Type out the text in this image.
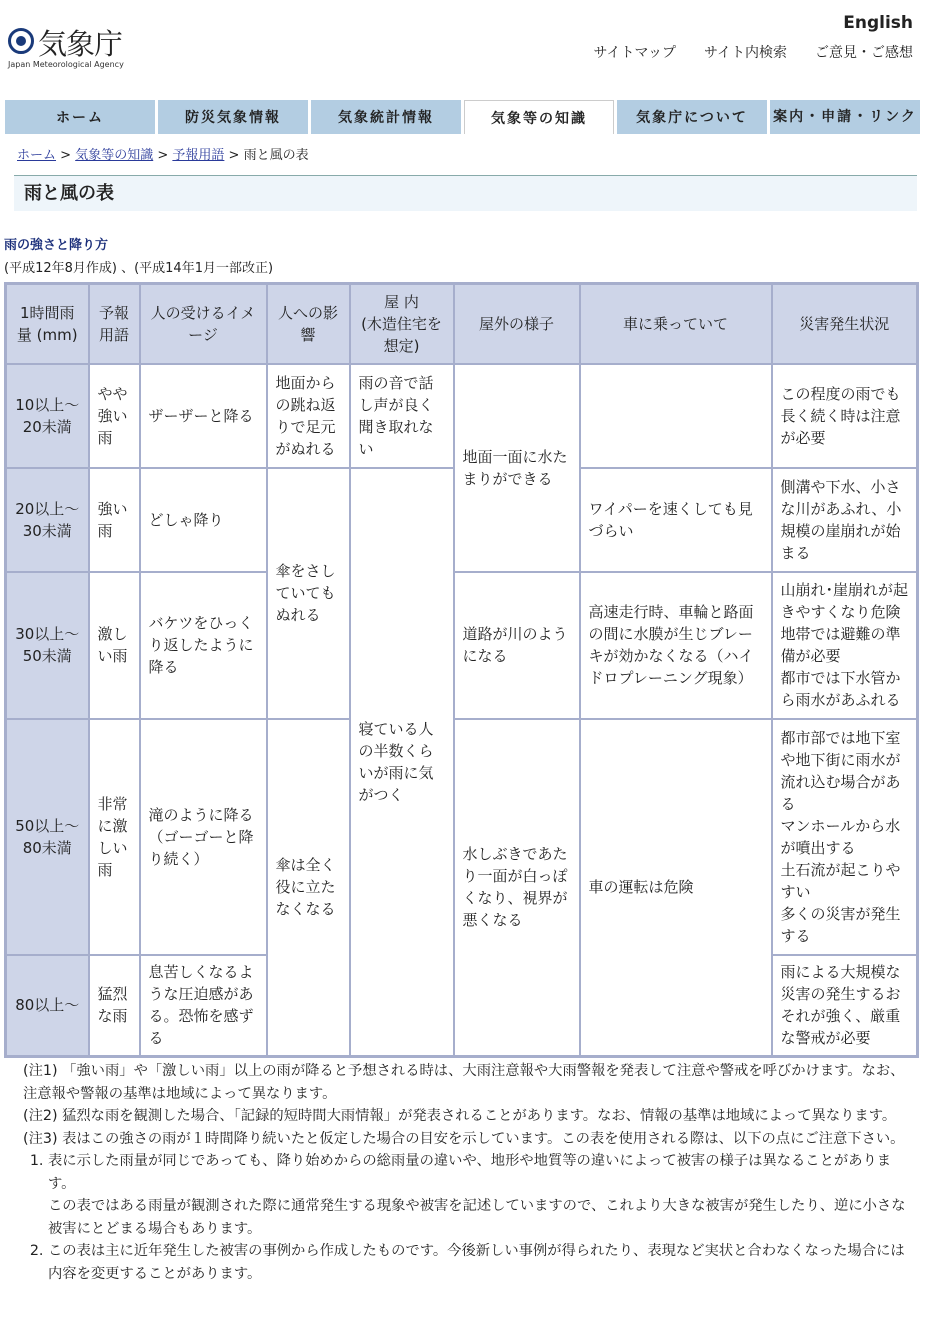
気象庁
Japan Meteorological Agency
English
サイトマップ サイト内検索 ご意見・ご感想
ホーム	防災気象情報	気象統計情報	気象等の知識	気象庁について	案内・申請・リンク
ホーム > 気象等の知識 > 予報用語 > 雨と風の表
雨と風の表
雨の強さと降り方
(平成12年8月作成) 、(平成14年1月一部改正)
1時間雨量 (mm)	予報用語	人の受けるイメージ	人への影響	屋 内
(木造住宅を想定)	屋外の様子	車に乗っていて	災害発生状況
10以上〜20未満	やや強い雨	ザーザーと降る	地面からの跳ね返りで足元がぬれる	雨の音で話し声が良く聞き取れない	地面一面に水たまりができる		この程度の雨でも長く続く時は注意が必要
20以上〜30未満	強い雨	どしゃ降り	傘をさしていてもぬれる	寝ている人の半数くらいが雨に気がつく		ワイパーを速くしても見づらい	側溝や下水、小さな川があふれ、小規模の崖崩れが始まる
30以上〜50未満	激しい雨	バケツをひっくり返したように降る			道路が川のようになる	高速走行時、車輪と路面の間に水膜が生じブレーキが効かなくなる（ハイドロプレーニング現象）	山崩れ･崖崩れが起きやすくなり危険地帯では避難の準備が必要
都市では下水管から雨水があふれる
50以上〜80未満	非常に激しい雨	滝のように降る（ゴーゴーと降り続く）	傘は全く役に立たなくなる		水しぶきであたり一面が白っぽくなり、視界が悪くなる	車の運転は危険	都市部では地下室や地下街に雨水が流れ込む場合がある
マンホールから水が噴出する
土石流が起こりやすい
多くの災害が発生する
80以上〜	猛烈な雨	息苦しくなるような圧迫感がある。恐怖を感ずる					雨による大規模な災害の発生するおそれが強く、厳重な警戒が必要

(注1) 「強い雨」や「激しい雨」以上の雨が降ると予想される時は、大雨注意報や大雨警報を発表して注意や警戒を呼びかけます。なお、注意報や警報の基準は地域によって異なります。

(注2) 猛烈な雨を観測した場合、「記録的短時間大雨情報」が発表されることがあります。なお、情報の基準は地域によって異なります。

(注3) 表はこの強さの雨が１時間降り続いたと仮定した場合の目安を示しています。この表を使用される際は、以下の点にご注意下さい。

1. 表に示した雨量が同じであっても、降り始めからの総雨量の違いや、地形や地質等の違いによって被害の様子は異なることがあります。

この表ではある雨量が観測された際に通常発生する現象や被害を記述していますので、これより大きな被害が発生したり、逆に小さな被害にとどまる場合もあります。

2. この表は主に近年発生した被害の事例から作成したものです。今後新しい事例が得られたり、表現など実状と合わなくなった場合には内容を変更することがあります。
